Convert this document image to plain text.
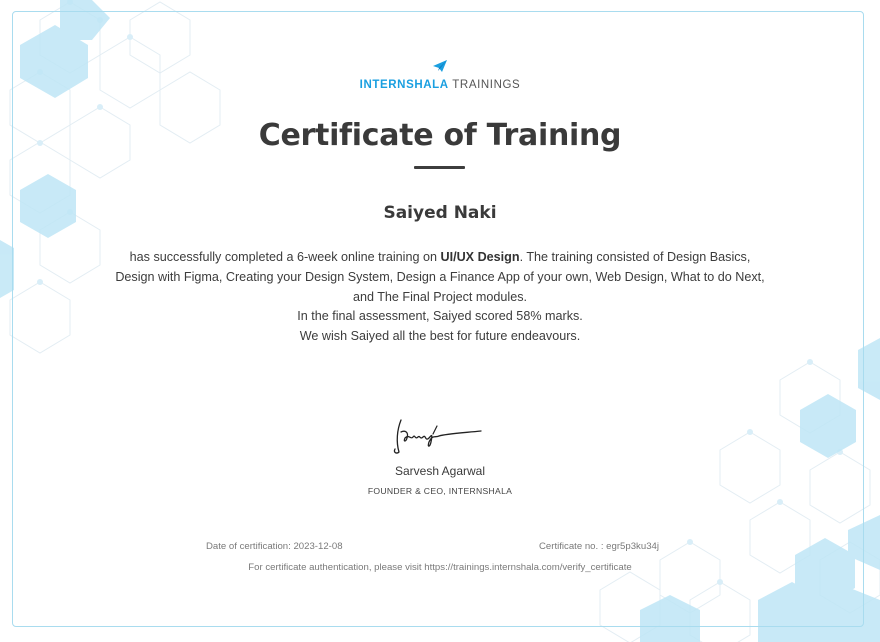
INTERNSHALA TRAININGS
Certificate of Training
Saiyed Naki
has successfully completed a 6-week online training on UI/UX Design. The training consisted of Design Basics, Design with Figma, Creating your Design System, Design a Finance App of your own, Web Design, What to do Next, and The Final Project modules.
In the final assessment, Saiyed scored 58% marks.
We wish Saiyed all the best for future endeavours.
Sarvesh Agarwal
FOUNDER & CEO, INTERNSHALA
Date of certification: 2023-12-08	Certificate no. : egr5p3ku34j
For certificate authentication, please visit https://trainings.internshala.com/verify_certificate
